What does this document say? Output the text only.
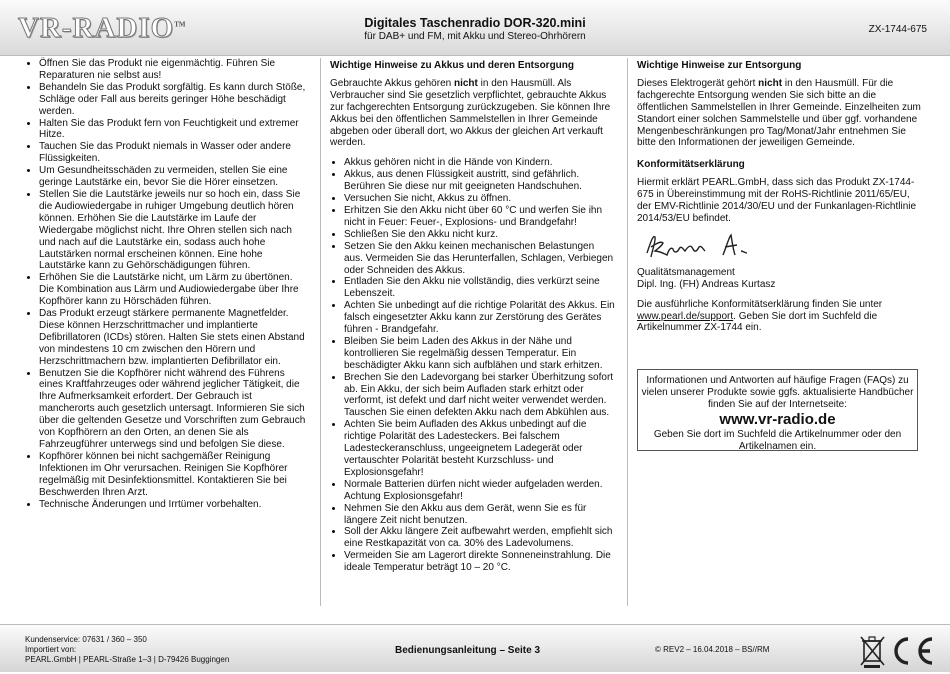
VR-RADIO™	Digitales Taschenradio DOR-320.mini
für DAB+ und FM, mit Akku und Stereo-Ohrhörern
ZX-1744-675
• Öffnen Sie das Produkt nie eigenmächtig. Führen Sie Reparaturen nie selbst aus!
• Behandeln Sie das Produkt sorgfältig. Es kann durch Stöße, Schläge oder Fall aus bereits geringer Höhe beschädigt werden.
• Halten Sie das Produkt fern von Feuchtigkeit und extremer Hitze.
• Tauchen Sie das Produkt niemals in Wasser oder andere Flüssigkeiten.
• Um Gesundheitsschäden zu vermeiden, stellen Sie eine geringe Lautstärke ein, bevor Sie die Hörer einsetzen.
• Stellen Sie die Lautstärke jeweils nur so hoch ein, dass Sie die Audiowiedergabe in ruhiger Umgebung deutlich hören können. Erhöhen Sie die Lautstärke im Laufe der Wiedergabe möglichst nicht. Ihre Ohren stellen sich nach und nach auf die Lautstärke ein, sodass auch hohe Lautstärken normal erscheinen können. Eine hohe Lautstärke kann zu Gehörschädigungen führen.
• Erhöhen Sie die Lautstärke nicht, um Lärm zu übertönen. Die Kombination aus Lärm und Audiowiedergabe über Ihre Kopfhörer kann zu Hörschäden führen.
• Das Produkt erzeugt stärkere permanente Magnetfelder. Diese können Herzschrittmacher und implantierte Defibrillatoren (ICDs) stören. Halten Sie stets einen Abstand von mindestens 10 cm zwischen den Hörern und Herzschrittmachern bzw. implantierten Defibrillator ein.
• Benutzen Sie die Kopfhörer nicht während des Führens eines Kraftfahrzeuges oder während jeglicher Tätigkeit, die Ihre Aufmerksamkeit erfordert. Der Gebrauch ist mancherorts auch gesetzlich untersagt. Informieren Sie sich über die geltenden Gesetze und Vorschriften zum Gebrauch von Kopfhörern an den Orten, an denen Sie als Fahrzeugführer unterwegs sind und befolgen Sie diese.
• Kopfhörer können bei nicht sachgemäßer Reinigung Infektionen im Ohr verursachen. Reinigen Sie Kopfhörer regelmäßig mit Desinfektionsmittel. Kontaktieren Sie bei Beschwerden Ihren Arzt.
• Technische Änderungen und Irrtümer vorbehalten.
Wichtige Hinweise zu Akkus und deren Entsorgung

Gebrauchte Akkus gehören nicht in den Hausmüll. Als Verbraucher sind Sie gesetzlich verpflichtet, gebrauchte Akkus zur fachgerechten Entsorgung zurückzugeben. Sie können Ihre Akkus bei den öffentlichen Sammelstellen in Ihrer Gemeinde abgeben oder überall dort, wo Akkus der gleichen Art verkauft werden.

• Akkus gehören nicht in die Hände von Kindern.
• Akkus, aus denen Flüssigkeit austritt, sind gefährlich. Berühren Sie diese nur mit geeigneten Handschuhen.
• Versuchen Sie nicht, Akkus zu öffnen.
• Erhitzen Sie den Akku nicht über 60 °C und werfen Sie ihn nicht in Feuer: Feuer-, Explosions- und Brandgefahr!
• Schließen Sie den Akku nicht kurz.
• Setzen Sie den Akku keinen mechanischen Belastungen aus. Vermeiden Sie das Herunterfallen, Schlagen, Verbiegen oder Schneiden des Akkus.
• Entladen Sie den Akku nie vollständig, dies verkürzt seine Lebenszeit.
• Achten Sie unbedingt auf die richtige Polarität des Akkus. Ein falsch eingesetzter Akku kann zur Zerstörung des Gerätes führen - Brandgefahr.
• Bleiben Sie beim Laden des Akkus in der Nähe und kontrollieren Sie regelmäßig dessen Temperatur. Ein beschädigter Akku kann sich aufblähen und stark erhitzen.
• Brechen Sie den Ladevorgang bei starker Überhitzung sofort ab. Ein Akku, der sich beim Aufladen stark erhitzt oder verformt, ist defekt und darf nicht weiter verwendet werden. Tauschen Sie einen defekten Akku nach dem Abkühlen aus.
• Achten Sie beim Aufladen des Akkus unbedingt auf die richtige Polarität des Ladesteckers. Bei falschem Ladesteckeranschluss, ungeeignetem Ladegerät oder vertauschter Polarität besteht Kurzschluss- und Explosionsgefahr!
• Normale Batterien dürfen nicht wieder aufgeladen werden. Achtung Explosionsgefahr!
• Nehmen Sie den Akku aus dem Gerät, wenn Sie es für längere Zeit nicht benutzen.
• Soll der Akku längere Zeit aufbewahrt werden, empfiehlt sich eine Restkapazität von ca. 30% des Ladevolumens.
• Vermeiden Sie am Lagerort direkte Sonneneinstrahlung. Die ideale Temperatur beträgt 10 – 20 °C.
Wichtige Hinweise zur Entsorgung

Dieses Elektrogerät gehört nicht in den Hausmüll. Für die fachgerechte Entsorgung wenden Sie sich bitte an die öffentlichen Sammelstellen in Ihrer Gemeinde. Einzelheiten zum Standort einer solchen Sammelstelle und über ggf. vorhandene Mengenbeschränkungen pro Tag/Monat/Jahr entnehmen Sie bitte den Informationen der jeweiligen Gemeinde.

Konformitätserklärung

Hiermit erklärt PEARL.GmbH, dass sich das Produkt ZX-1744-675 in Übereinstimmung mit der RoHS-Richtlinie 2011/65/EU, der EMV-Richtlinie 2014/30/EU und der Funkanlagen-Richtlinie 2014/53/EU befindet.

Qualitätsmanagement

Dipl. Ing. (FH) Andreas Kurtasz

Die ausführliche Konformitätserklärung finden Sie unter www.pearl.de/support. Geben Sie dort im Suchfeld die Artikelnummer ZX-1744 ein.

Informationen und Antworten auf häufige Fragen (FAQs) zu vielen unserer Produkte sowie ggfs. aktualisierte Handbücher finden Sie auf der Internetseite:
www.vr-radio.de
Geben Sie dort im Suchfeld die Artikelnummer oder den Artikelnamen ein.
Kundenservice: 07631 / 360 – 350
Importiert von:
PEARL.GmbH | PEARL-Straße 1–3 | D-79426 Buggingen
Bedienungsanleitung – Seite 3	© REV2 – 16.04.2018 – BS//RM
